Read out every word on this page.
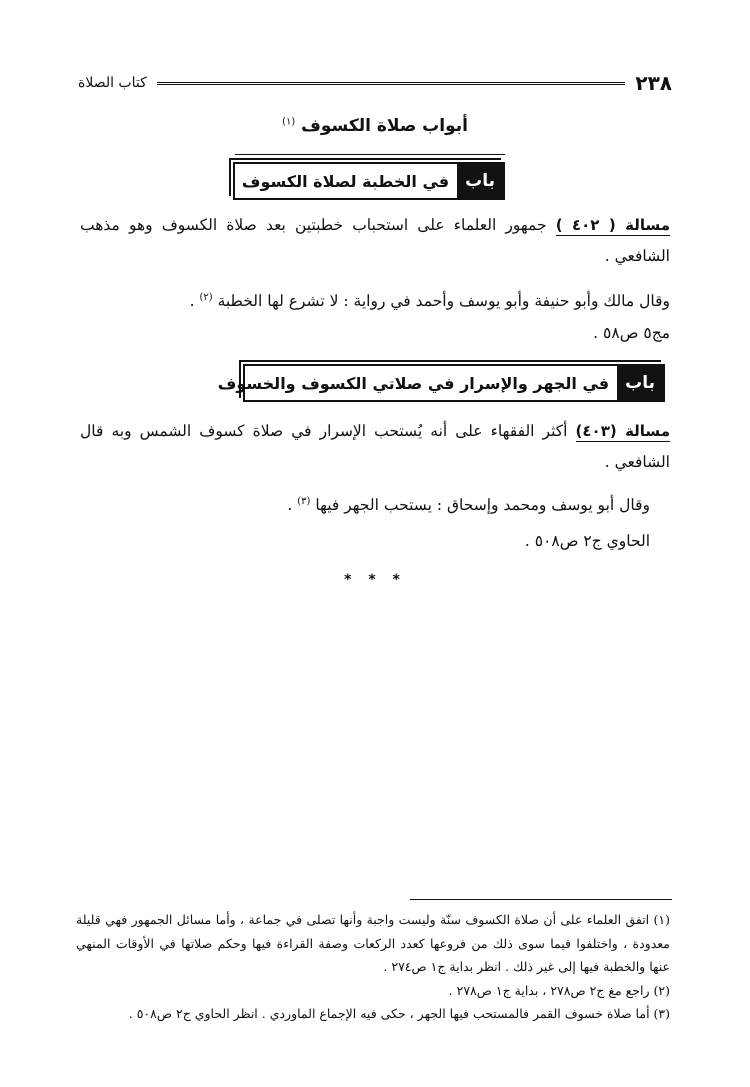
٢٣٨
كتاب الصلاة
أبواب صلاة الكسوف $^{(١)}$
باب
في الخطبة لصلاة الكسوف
مسالة ( ٤٠٢ ) جمهور العلماء على استحباب خطبتين بعد صلاة الكسوف وهو مذهب الشافعي .
وقال مالك وأبو حنيفة وأبو يوسف وأحمد في رواية : لا تشرع لها الخطبة $^{(٢)}$ .
مج٥ ص٥٨ .
باب
في الجهر والإسرار في صلاتي الكسوف والخسوف
مسالة (٤٠٣) أكثر الفقهاء على أنه يُستحب الإسرار في صلاة كسوف الشمس وبه قال الشافعي .
وقال أبو يوسف ومحمد وإسحاق : يستحب الجهر فيها $^{(٣)}$ .
الحاوي ج٢ ص٥٠٨ .
* * *

(١) اتفق العلماء على أن صلاة الكسوف سنّة وليست واجبة وأنها تصلى في جماعة ، وأما مسائل الجمهور فهي قليلة معدودة ، واختلفوا فيما سوى ذلك من فروعها كعدد الركعات وصفة القراءة فيها وحكم صلاتها في الأوقات المنهي عنها والخطبة فيها إلى غير ذلك . انظر بداية ج١ ص٢٧٤ .

(٢) راجع مغ ج٢ ص٢٧٨ ، بداية ج١ ص٢٧٨ .

(٣) أما صلاة خسوف القمر فالمستحب فيها الجهر ، حكى فيه الإجماع الماوردي . انظر الحاوي ج٢ ص٥٠٨ .
